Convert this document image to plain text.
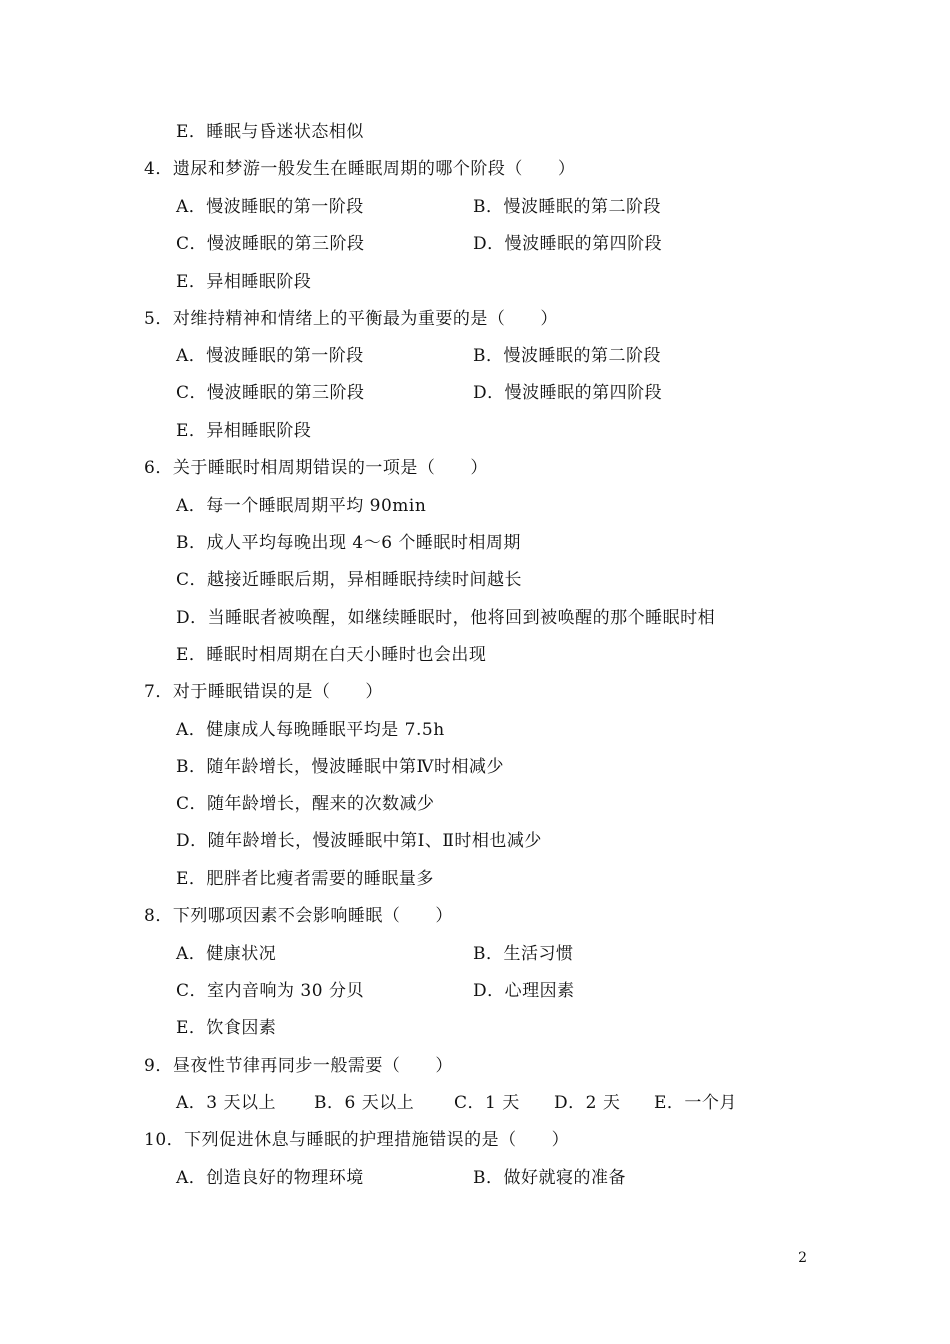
E．睡眠与昏迷状态相似
4．遗尿和梦游一般发生在睡眠周期的哪个阶段（　　）
A．慢波睡眠的第一阶段	B．慢波睡眠的第二阶段
C．慢波睡眠的第三阶段	D．慢波睡眠的第四阶段
E．异相睡眠阶段
5．对维持精神和情绪上的平衡最为重要的是（　　）
A．慢波睡眠的第一阶段	B．慢波睡眠的第二阶段
C．慢波睡眠的第三阶段	D．慢波睡眠的第四阶段
E．异相睡眠阶段
6．关于睡眠时相周期错误的一项是（　　）
A．每一个睡眠周期平均 90min
B．成人平均每晚出现 4～6 个睡眠时相周期
C．越接近睡眠后期，异相睡眠持续时间越长
D．当睡眠者被唤醒，如继续睡眠时，他将回到被唤醒的那个睡眠时相
E．睡眠时相周期在白天小睡时也会出现
7．对于睡眠错误的是（　　）
A．健康成人每晚睡眠平均是 7.5h
B．随年龄增长，慢波睡眠中第Ⅳ时相减少
C．随年龄增长，醒来的次数减少
D．随年龄增长，慢波睡眠中第Ⅰ、Ⅱ时相也减少
E．肥胖者比瘦者需要的睡眠量多
8．下列哪项因素不会影响睡眠（　　）
A．健康状况	B．生活习惯
C．室内音响为 30 分贝	D．心理因素
E．饮食因素
9．昼夜性节律再同步一般需要（　　）
A．3 天以上 B．6 天以上 C．1 天 D．2 天 E．一个月
10．下列促进休息与睡眠的护理措施错误的是（　　）
A．创造良好的物理环境	B．做好就寝的准备
2
